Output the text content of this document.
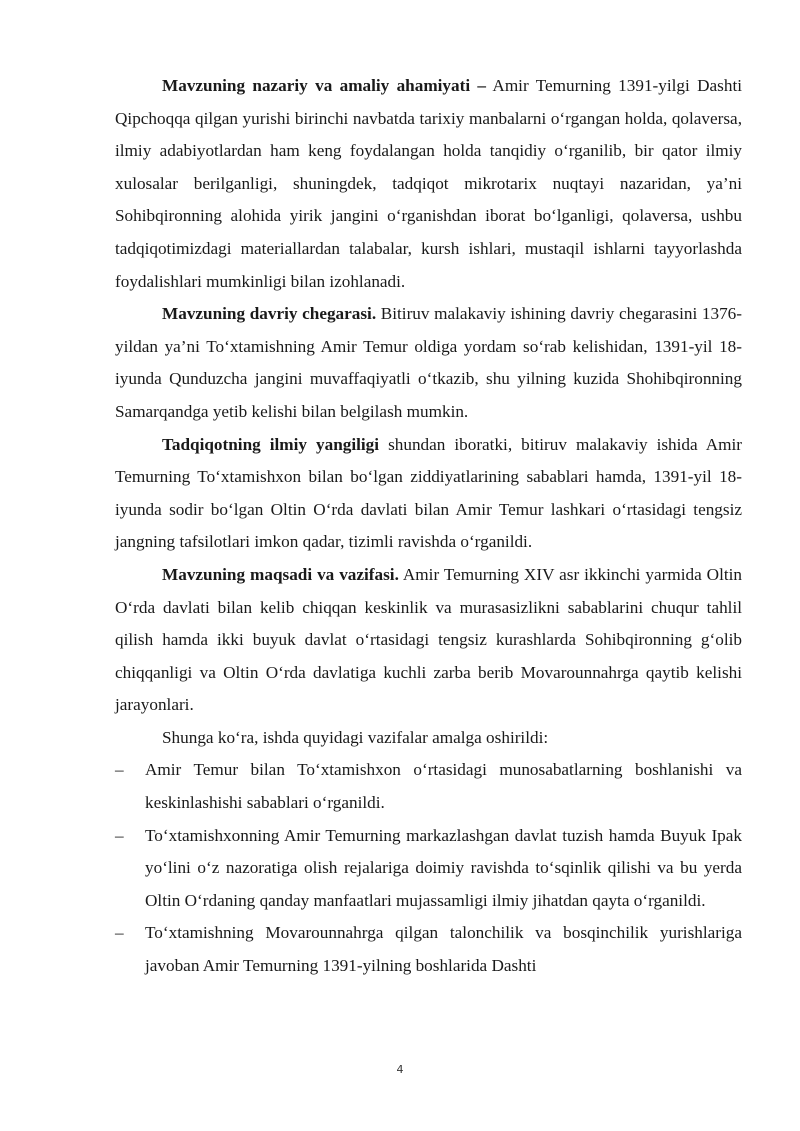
Mavzuning nazariy va amaliy ahamiyati – Amir Temurning 1391-yilgi Dashti Qipchoqqa qilgan yurishi birinchi navbatda tarixiy manbalarni o‘rgangan holda, qolaversa, ilmiy adabiyotlardan ham keng foydalangan holda tanqidiy o‘rganilib, bir qator ilmiy xulosalar berilganligi, shuningdek, tadqiqot mikrotarix nuqtayi nazaridan, ya’ni Sohibqironning alohida yirik jangini o‘rganishdan iborat bo‘lganligi, qolaversa, ushbu tadqiqotimizdagi materiallardan talabalar, kursh ishlari, mustaqil ishlarni tayyorlashda foydalishlari mumkinligi bilan izohlanadi.

Mavzuning davriy chegarasi. Bitiruv malakaviy ishining davriy chegarasini 1376-yildan ya’ni To‘xtamishning Amir Temur oldiga yordam so‘rab kelishidan, 1391-yil 18-iyunda Qunduzcha jangini muvaffaqiyatli o‘tkazib, shu yilning kuzida Shohibqironning Samarqandga yetib kelishi bilan belgilash mumkin.

Tadqiqotning ilmiy yangiligi shundan iboratki, bitiruv malakaviy ishida Amir Temurning To‘xtamishxon bilan bo‘lgan ziddiyatlarining sabablari hamda, 1391-yil 18-iyunda sodir bo‘lgan Oltin O‘rda davlati bilan Amir Temur lashkari o‘rtasidagi tengsiz jangning tafsilotlari imkon qadar, tizimli ravishda o‘rganildi.

Mavzuning maqsadi va vazifasi. Amir Temurning XIV asr ikkinchi yarmida Oltin O‘rda davlati bilan kelib chiqqan keskinlik va murasasizlikni sabablarini chuqur tahlil qilish hamda ikki buyuk davlat o‘rtasidagi tengsiz kurashlarda Sohibqironning g‘olib chiqqanligi va Oltin O‘rda davlatiga kuchli zarba berib Movarounnahrga qaytib kelishi jarayonlari.

Shunga ko‘ra, ishda quyidagi vazifalar amalga oshirildi:

– Amir Temur bilan To‘xtamishxon o‘rtasidagi munosabatlarning boshlanishi va keskinlashishi sabablari o‘rganildi.
– To‘xtamishxonning Amir Temurning markazlashgan davlat tuzish hamda Buyuk Ipak yo‘lini o‘z nazoratiga olish rejalariga doimiy ravishda to‘sqinlik qilishi va bu yerda Oltin O‘rdaning qanday manfaatlari mujassamligi ilmiy jihatdan qayta o‘rganildi.
– To‘xtamishning Movarounnahrga qilgan talonchilik va bosqinchilik yurishlariga javoban Amir Temurning 1391-yilning boshlarida Dashti
4
